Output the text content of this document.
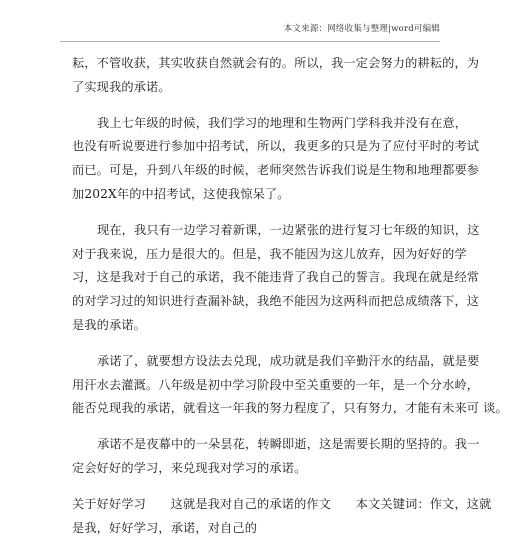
本文来源：网络收集与整理|word可编辑
耘，不管收获，其实收获自然就会有的。所以，我一定会努力的耕耘的，为
了实现我的承诺。
我上七年级的时候，我们学习的地理和生物两门学科我并没有在意，
也没有听说要进行参加中招考试，所以，我更多的只是为了应付平时的考试
而已。可是，升到八年级的时候，老师突然告诉我们说是生物和地理都要参
加202X年的中招考试，这使我惊呆了。
现在，我只有一边学习着新课，一边紧张的进行复习七年级的知识，这
对于我来说，压力是很大的。但是，我不能因为这儿放弃，因为好好的学
习，这是我对于自己的承诺，我不能违背了我自己的誓言。我现在就是经常
的对学习过的知识进行查漏补缺，我绝不能因为这两科而把总成绩落下，这
是我的承诺。
承诺了，就要想方设法去兑现，成功就是我们辛勤汗水的结晶，就是要
用汗水去灌溉。八年级是初中学习阶段中至关重要的一年，是一个分水岭，
能否兑现我的承诺，就看这一年我的努力程度了，只有努力，才能有未来可 谈。
承诺不是夜幕中的一朵昙花，转瞬即逝，这是需要长期的坚持的。我一
定会好好的学习，来兑现我对学习的承诺。
关于好好学习　　这就是我对自己的承诺的作文　　本文关键词：作文，这就
是我，好好学习，承诺，对自己的
